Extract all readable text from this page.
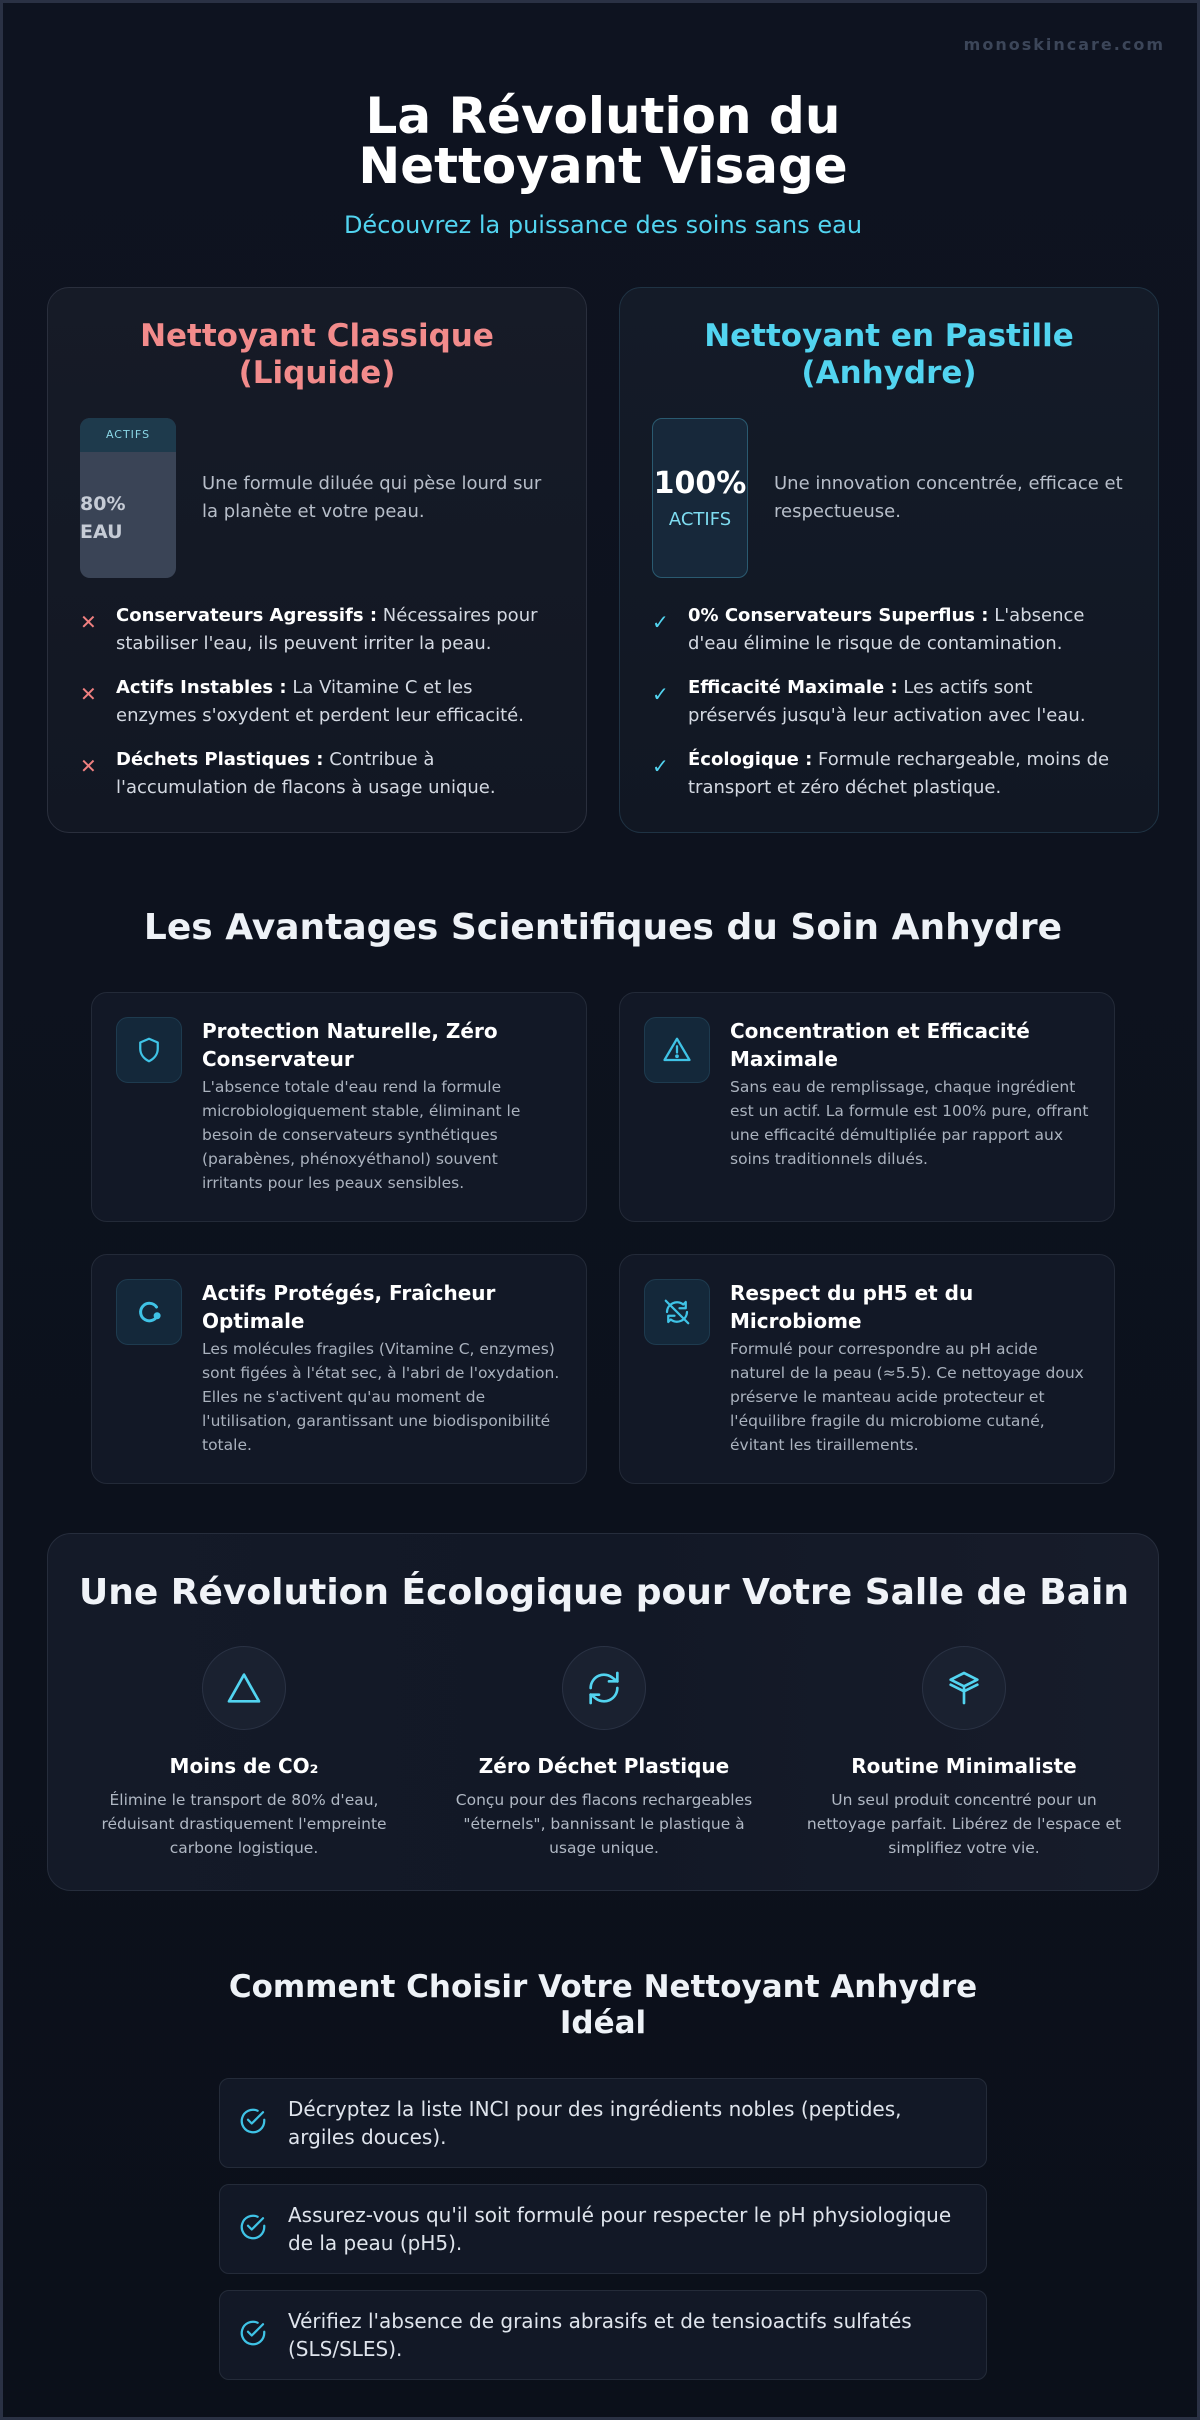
monoskincare.com
La Révolution du Nettoyant Visage
Découvrez la puissance des soins sans eau
Nettoyant Classique (Liquide)
ACTIFS
80%
EAU
Une formule diluée qui pèse lourd sur la planète et votre peau.
✕	Conservateurs Agressifs : Nécessaires pour stabiliser l'eau, ils peuvent irriter la peau.
✕	Actifs Instables : La Vitamine C et les enzymes s'oxydent et perdent leur efficacité.
✕	Déchets Plastiques : Contribue à l'accumulation de flacons à usage unique.
Nettoyant en Pastille (Anhydre)
100%
ACTIFS
Une innovation concentrée, efficace et respectueuse.
✓	0% Conservateurs Superflus : L'absence d'eau élimine le risque de contamination.
✓	Efficacité Maximale : Les actifs sont préservés jusqu'à leur activation avec l'eau.
✓	Écologique : Formule rechargeable, moins de transport et zéro déchet plastique.
Les Avantages Scientifiques du Soin Anhydre
Protection Naturelle, Zéro Conservateur

L'absence totale d'eau rend la formule microbiologiquement stable, éliminant le besoin de conservateurs synthétiques (parabènes, phénoxyéthanol) souvent irritants pour les peaux sensibles.

Concentration et Efficacité Maximale

Sans eau de remplissage, chaque ingrédient est un actif. La formule est 100% pure, offrant une efficacité démultipliée par rapport aux soins traditionnels dilués.

Actifs Protégés, Fraîcheur Optimale

Les molécules fragiles (Vitamine C, enzymes) sont figées à l'état sec, à l'abri de l'oxydation. Elles ne s'activent qu'au moment de l'utilisation, garantissant une biodisponibilité totale.

Respect du pH5 et du Microbiome

Formulé pour correspondre au pH acide naturel de la peau (≈5.5). Ce nettoyage doux préserve le manteau acide protecteur et l'équilibre fragile du microbiome cutané, évitant les tiraillements.

Une Révolution Écologique pour Votre Salle de Bain
Moins de CO₂

Élimine le transport de 80% d'eau, réduisant drastiquement l'empreinte carbone logistique.

Zéro Déchet Plastique

Conçu pour des flacons rechargeables "éternels", bannissant le plastique à usage unique.

Routine Minimaliste

Un seul produit concentré pour un nettoyage parfait. Libérez de l'espace et simplifiez votre vie.

Comment Choisir Votre Nettoyant Anhydre Idéal
Décryptez la liste INCI pour des ingrédients nobles (peptides, argiles douces).
Assurez-vous qu'il soit formulé pour respecter le pH physiologique de la peau (pH5).
Vérifiez l'absence de grains abrasifs et de tensioactifs sulfatés (SLS/SLES).
